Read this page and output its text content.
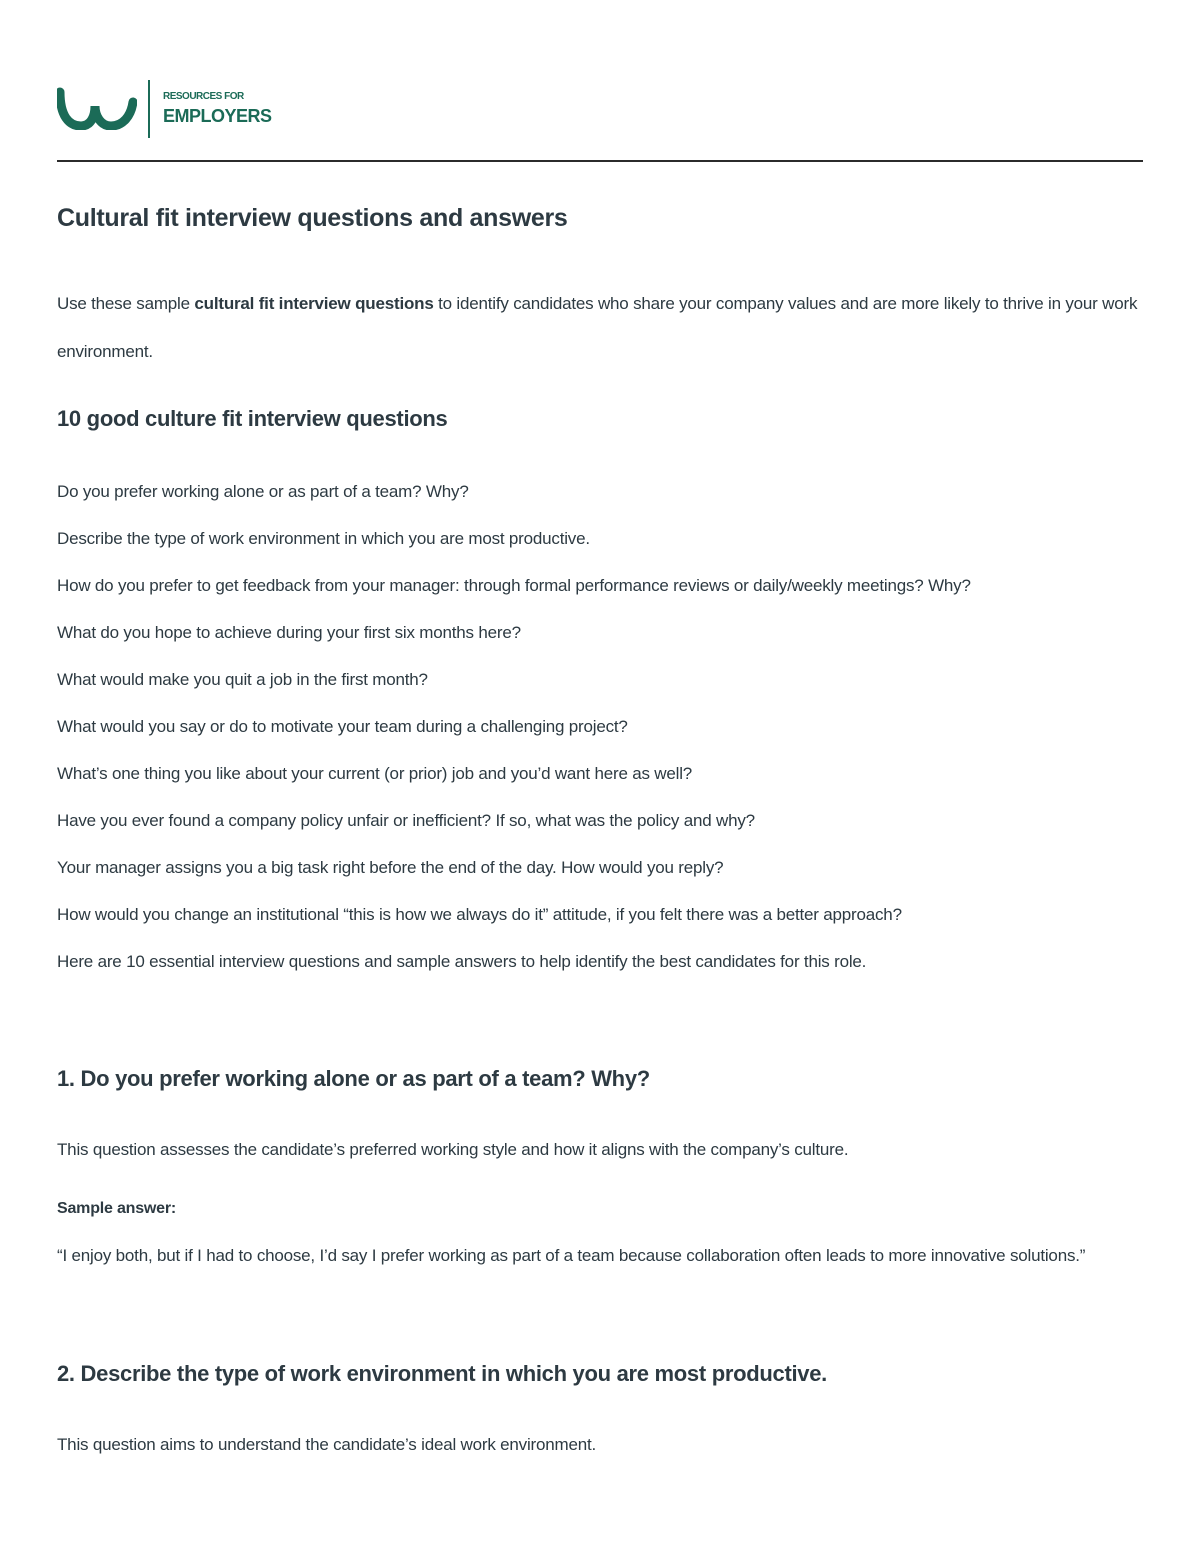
RESOURCES FOR
EMPLOYERS
Cultural fit interview questions and answers

Use these sample cultural fit interview questions to identify candidates who share your company values and are more likely to thrive in your work environment.

10 good culture fit interview questions
Do you prefer working alone or as part of a team? Why?
Describe the type of work environment in which you are most productive.
How do you prefer to get feedback from your manager: through formal performance reviews or daily/weekly meetings? Why?
What do you hope to achieve during your first six months here?
What would make you quit a job in the first month?
What would you say or do to motivate your team during a challenging project?
What’s one thing you like about your current (or prior) job and you’d want here as well?
Have you ever found a company policy unfair or inefficient? If so, what was the policy and why?
Your manager assigns you a big task right before the end of the day. How would you reply?
How would you change an institutional “this is how we always do it” attitude, if you felt there was a better approach?
Here are 10 essential interview questions and sample answers to help identify the best candidates for this role.
1. Do you prefer working alone or as part of a team? Why?

This question assesses the candidate’s preferred working style and how it aligns with the company’s culture.

Sample answer:

“I enjoy both, but if I had to choose, I’d say I prefer working as part of a team because collaboration often leads to more innovative solutions.”

2. Describe the type of work environment in which you are most productive.

This question aims to understand the candidate’s ideal work environment.
